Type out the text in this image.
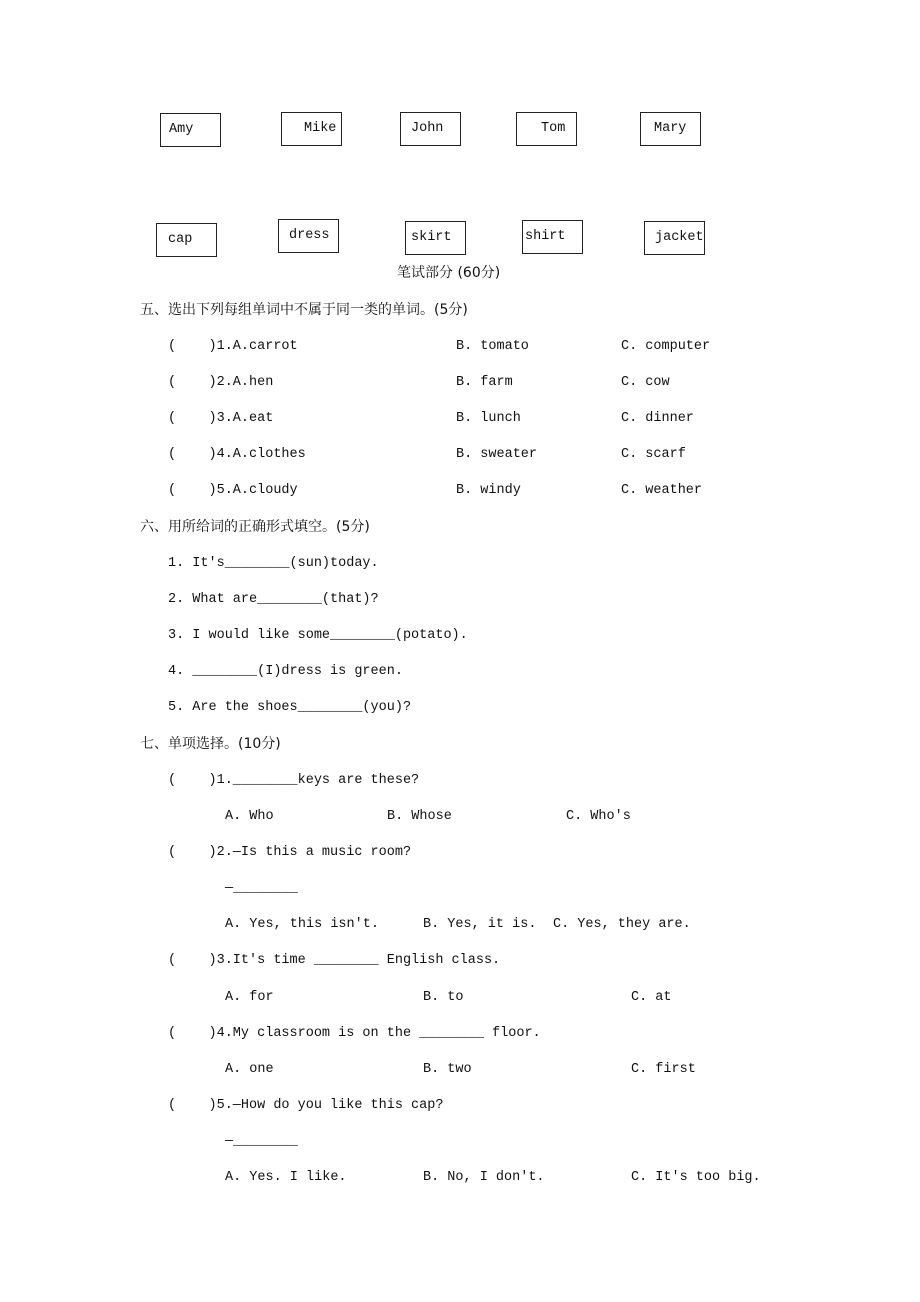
Amy	Mike	John	Tom	Mary
cap	dress	skirt	shirt	jacket
笔试部分 (60分)
五、选出下列每组单词中不属于同一类的单词。(5分)
(    )1.A.carrot	B. tomato	C. computer
(    )2.A.hen	B. farm	C. cow
(    )3.A.eat	B. lunch	C. dinner
(    )4.A.clothes	B. sweater	C. scarf
(    )5.A.cloudy	B. windy	C. weather
六、用所给词的正确形式填空。(5分)
1. It's________(sun)today.
2. What are________(that)?
3. I would like some________(potato).
4. ________(I)dress is green.
5. Are the shoes________(you)?
七、单项选择。(10分)
(    )1.________keys are these?
A. Who	B. Whose	C. Who's
(    )2.—Is this a music room?
—________
A. Yes, this isn't.	B. Yes, it is. C. Yes, they are.
(    )3.It's time ________ English class.
A. for	B. to	C. at
(    )4.My classroom is on the ________ floor.
A. one	B. two	C. first
(    )5.—How do you like this cap?
—________
A. Yes. I like.	B. No, I don't.	C. It's too big.
